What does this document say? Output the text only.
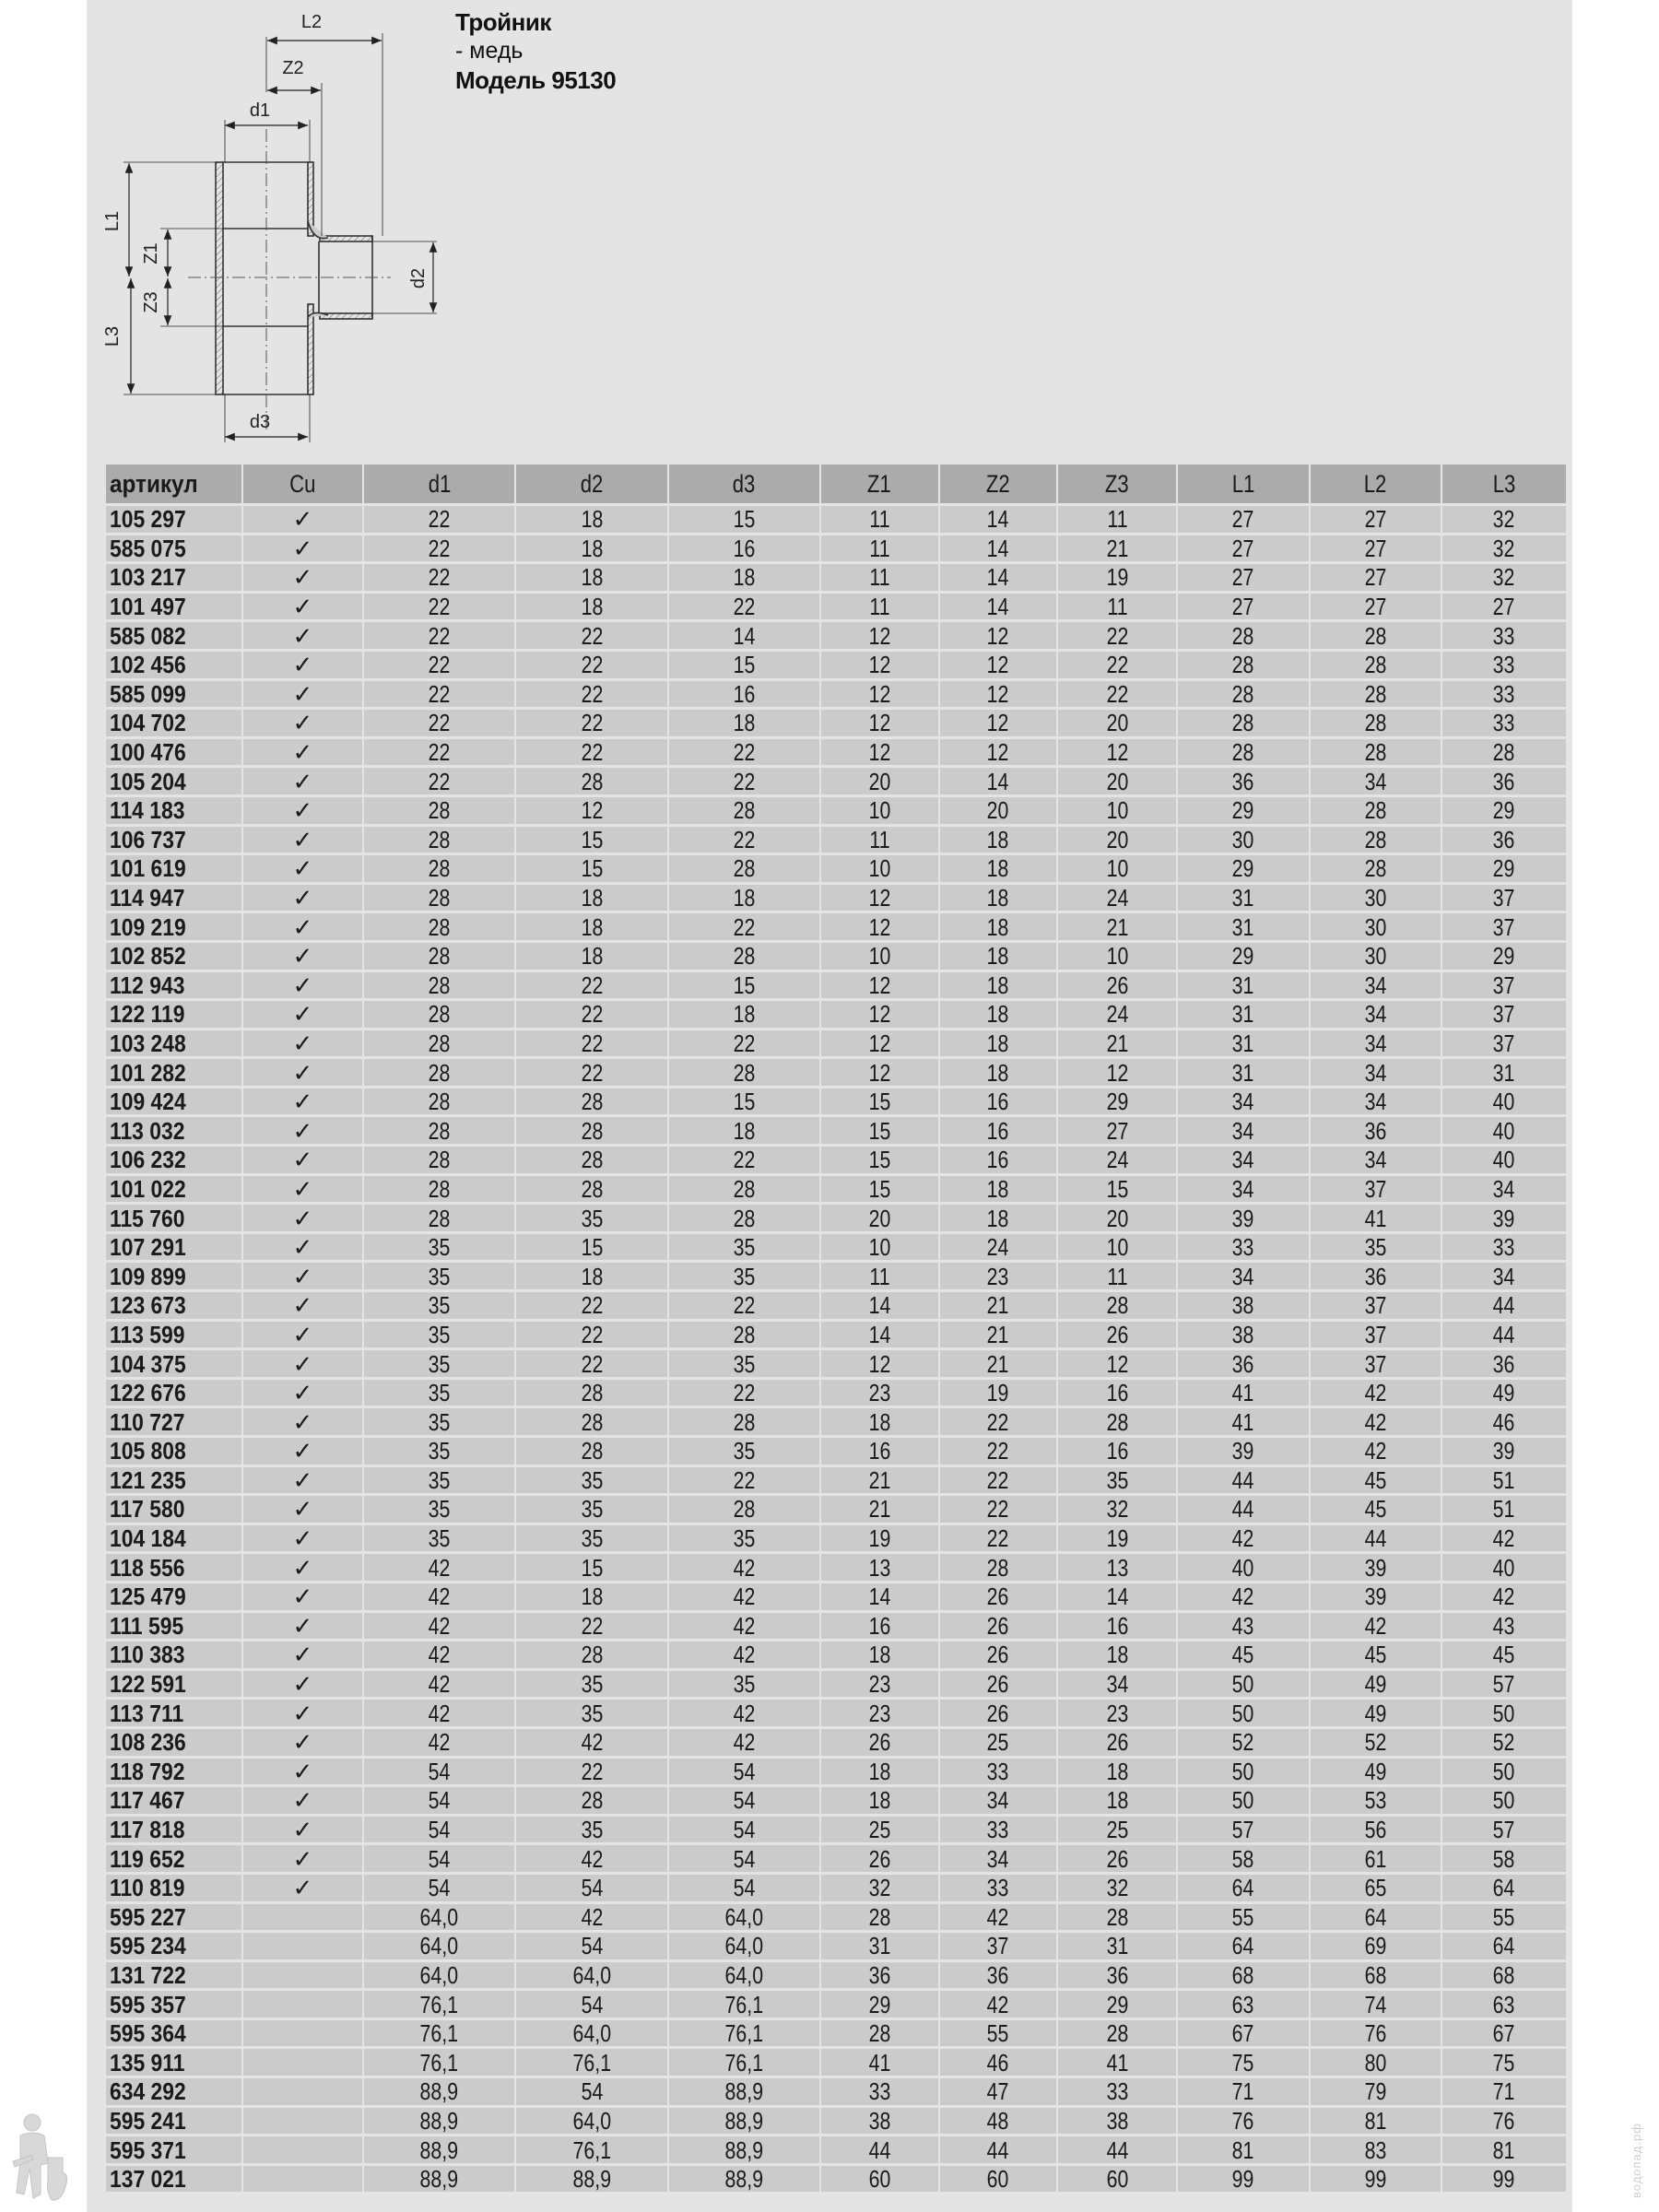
L2
Z2
d1
d3
L1
L3
Z1
Z3
d2
Тройник
- медь
Модель 95130
артикул	Cu	d1	d2	d3	Z1	Z2	Z3	L1	L2	L3
105 297	✓	22	18	15	11	14	11	27	27	32
585 075	✓	22	18	16	11	14	21	27	27	32
103 217	✓	22	18	18	11	14	19	27	27	32
101 497	✓	22	18	22	11	14	11	27	27	27
585 082	✓	22	22	14	12	12	22	28	28	33
102 456	✓	22	22	15	12	12	22	28	28	33
585 099	✓	22	22	16	12	12	22	28	28	33
104 702	✓	22	22	18	12	12	20	28	28	33
100 476	✓	22	22	22	12	12	12	28	28	28
105 204	✓	22	28	22	20	14	20	36	34	36
114 183	✓	28	12	28	10	20	10	29	28	29
106 737	✓	28	15	22	11	18	20	30	28	36
101 619	✓	28	15	28	10	18	10	29	28	29
114 947	✓	28	18	18	12	18	24	31	30	37
109 219	✓	28	18	22	12	18	21	31	30	37
102 852	✓	28	18	28	10	18	10	29	30	29
112 943	✓	28	22	15	12	18	26	31	34	37
122 119	✓	28	22	18	12	18	24	31	34	37
103 248	✓	28	22	22	12	18	21	31	34	37
101 282	✓	28	22	28	12	18	12	31	34	31
109 424	✓	28	28	15	15	16	29	34	34	40
113 032	✓	28	28	18	15	16	27	34	36	40
106 232	✓	28	28	22	15	16	24	34	34	40
101 022	✓	28	28	28	15	18	15	34	37	34
115 760	✓	28	35	28	20	18	20	39	41	39
107 291	✓	35	15	35	10	24	10	33	35	33
109 899	✓	35	18	35	11	23	11	34	36	34
123 673	✓	35	22	22	14	21	28	38	37	44
113 599	✓	35	22	28	14	21	26	38	37	44
104 375	✓	35	22	35	12	21	12	36	37	36
122 676	✓	35	28	22	23	19	16	41	42	49
110 727	✓	35	28	28	18	22	28	41	42	46
105 808	✓	35	28	35	16	22	16	39	42	39
121 235	✓	35	35	22	21	22	35	44	45	51
117 580	✓	35	35	28	21	22	32	44	45	51
104 184	✓	35	35	35	19	22	19	42	44	42
118 556	✓	42	15	42	13	28	13	40	39	40
125 479	✓	42	18	42	14	26	14	42	39	42
111 595	✓	42	22	42	16	26	16	43	42	43
110 383	✓	42	28	42	18	26	18	45	45	45
122 591	✓	42	35	35	23	26	34	50	49	57
113 711	✓	42	35	42	23	26	23	50	49	50
108 236	✓	42	42	42	26	25	26	52	52	52
118 792	✓	54	22	54	18	33	18	50	49	50
117 467	✓	54	28	54	18	34	18	50	53	50
117 818	✓	54	35	54	25	33	25	57	56	57
119 652	✓	54	42	54	26	34	26	58	61	58
110 819	✓	54	54	54	32	33	32	64	65	64
595 227		64,0	42	64,0	28	42	28	55	64	55
595 234		64,0	54	64,0	31	37	31	64	69	64
131 722		64,0	64,0	64,0	36	36	36	68	68	68
595 357		76,1	54	76,1	29	42	29	63	74	63
595 364		76,1	64,0	76,1	28	55	28	67	76	67
135 911		76,1	76,1	76,1	41	46	41	75	80	75
634 292		88,9	54	88,9	33	47	33	71	79	71
595 241		88,9	64,0	88,9	38	48	38	76	81	76
595 371		88,9	76,1	88,9	44	44	44	81	83	81
137 021		88,9	88,9	88,9	60	60	60	99	99	99	водопад.рф
